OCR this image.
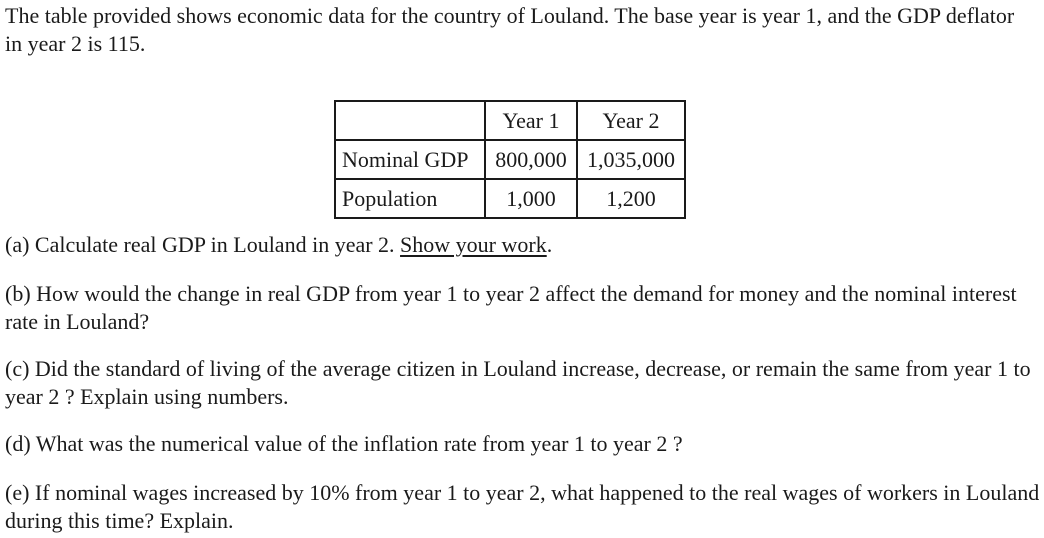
The table provided shows economic data for the country of Louland. The base year is year 1, and the GDP deflator in year 2 is 115.

	Year 1	Year 2
Nominal GDP	800,000	1,035,000
Population	1,000	1,200

(a) Calculate real GDP in Louland in year 2. Show your work.

(b) How would the change in real GDP from year 1 to year 2 affect the demand for money and the nominal interest rate in Louland?

(c) Did the standard of living of the average citizen in Louland increase, decrease, or remain the same from year 1 to year 2 ? Explain using numbers.

(d) What was the numerical value of the inflation rate from year 1 to year 2 ?

(e) If nominal wages increased by 10% from year 1 to year 2, what happened to the real wages of workers in Louland during this time? Explain.
